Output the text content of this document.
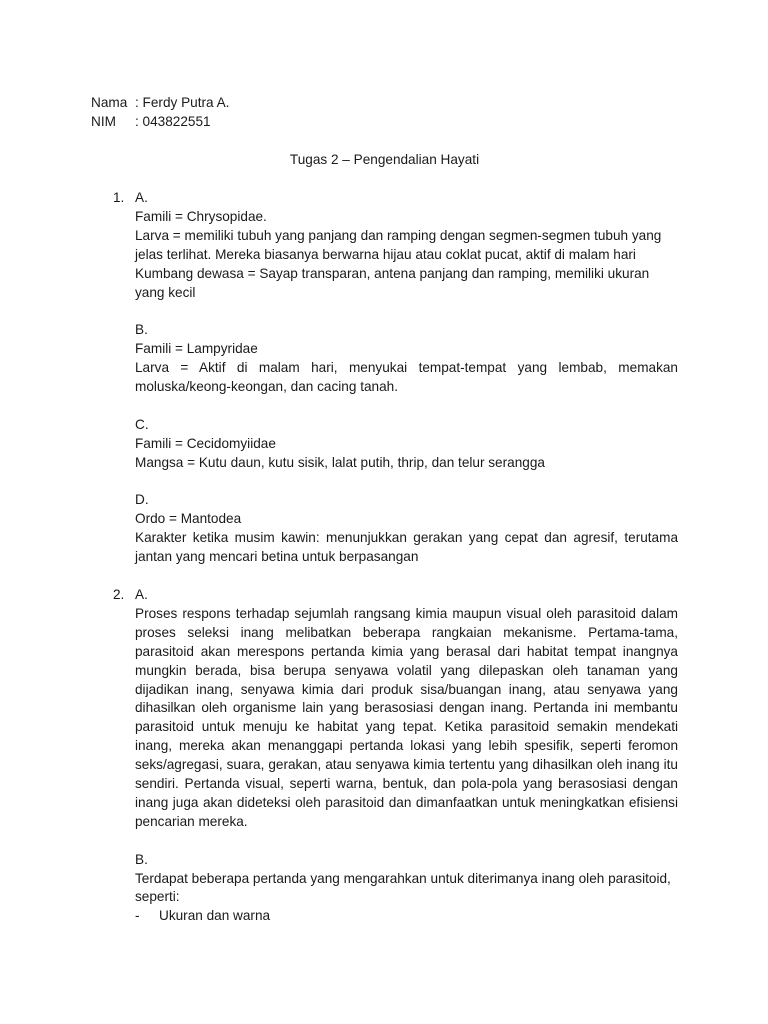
Nama : Ferdy Putra A.
NIM	: 043822551
Tugas 2 – Pengendalian Hayati
1. A.

Famili = Chrysopidae.

Larva = memiliki tubuh yang panjang dan ramping dengan segmen-segmen tubuh yang jelas terlihat. Mereka biasanya berwarna hijau atau coklat pucat, aktif di malam hari

Kumbang dewasa = Sayap transparan, antena panjang dan ramping, memiliki ukuran yang kecil

B.

Famili = Lampyridae

Larva = Aktif di malam hari, menyukai tempat-tempat yang lembab, memakan moluska/keong-keongan, dan cacing tanah.

C.

Famili = Cecidomyiidae

Mangsa = Kutu daun, kutu sisik, lalat putih, thrip, dan telur serangga

D.

Ordo = Mantodea

Karakter ketika musim kawin: menunjukkan gerakan yang cepat dan agresif, terutama jantan yang mencari betina untuk berpasangan

2. A.

Proses respons terhadap sejumlah rangsang kimia maupun visual oleh parasitoid dalam proses seleksi inang melibatkan beberapa rangkaian mekanisme. Pertama-tama, parasitoid akan merespons pertanda kimia yang berasal dari habitat tempat inangnya mungkin berada, bisa berupa senyawa volatil yang dilepaskan oleh tanaman yang dijadikan inang, senyawa kimia dari produk sisa/buangan inang, atau senyawa yang dihasilkan oleh organisme lain yang berasosiasi dengan inang. Pertanda ini membantu parasitoid untuk menuju ke habitat yang tepat. Ketika parasitoid semakin mendekati inang, mereka akan menanggapi pertanda lokasi yang lebih spesifik, seperti feromon seks/agregasi, suara, gerakan, atau senyawa kimia tertentu yang dihasilkan oleh inang itu sendiri. Pertanda visual, seperti warna, bentuk, dan pola-pola yang berasosiasi dengan inang juga akan dideteksi oleh parasitoid dan dimanfaatkan untuk meningkatkan efisiensi pencarian mereka.

B.

Terdapat beberapa pertanda yang mengarahkan untuk diterimanya inang oleh parasitoid, seperti:

-	Ukuran dan warna
